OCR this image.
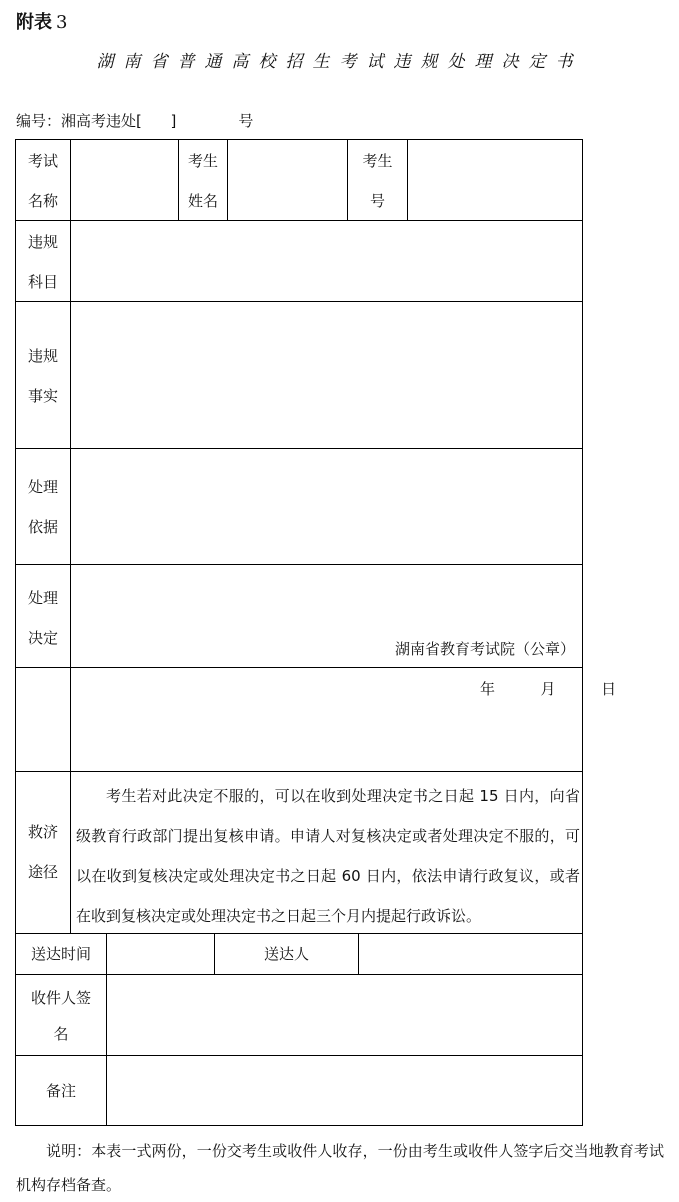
附表 3
湖南省普通高校招生考试违规处理决定书
编号：湘高考违处[ ]	号
考试
名称
考生
姓名
考生
号
违规
科目
违规
事实
处理
依据
处理
决定
湖南省教育考试院（公章）
年  月  日
救济
途径
考生若对此决定不服的，可以在收到处理决定书之日起 15 日内，向省级教育行政部门提出复核申请。申请人对复核决定或者处理决定不服的，可以在收到复核决定或处理决定书之日起 60 日内，依法申请行政复议，或者在收到复核决定或处理决定书之日起三个月内提起行政诉讼。
送达时间	送达人
收件人签
名
备注
说明：本表一式两份，一份交考生或收件人收存，一份由考生或收件人签字后交当地教育考试机构存档备查。
